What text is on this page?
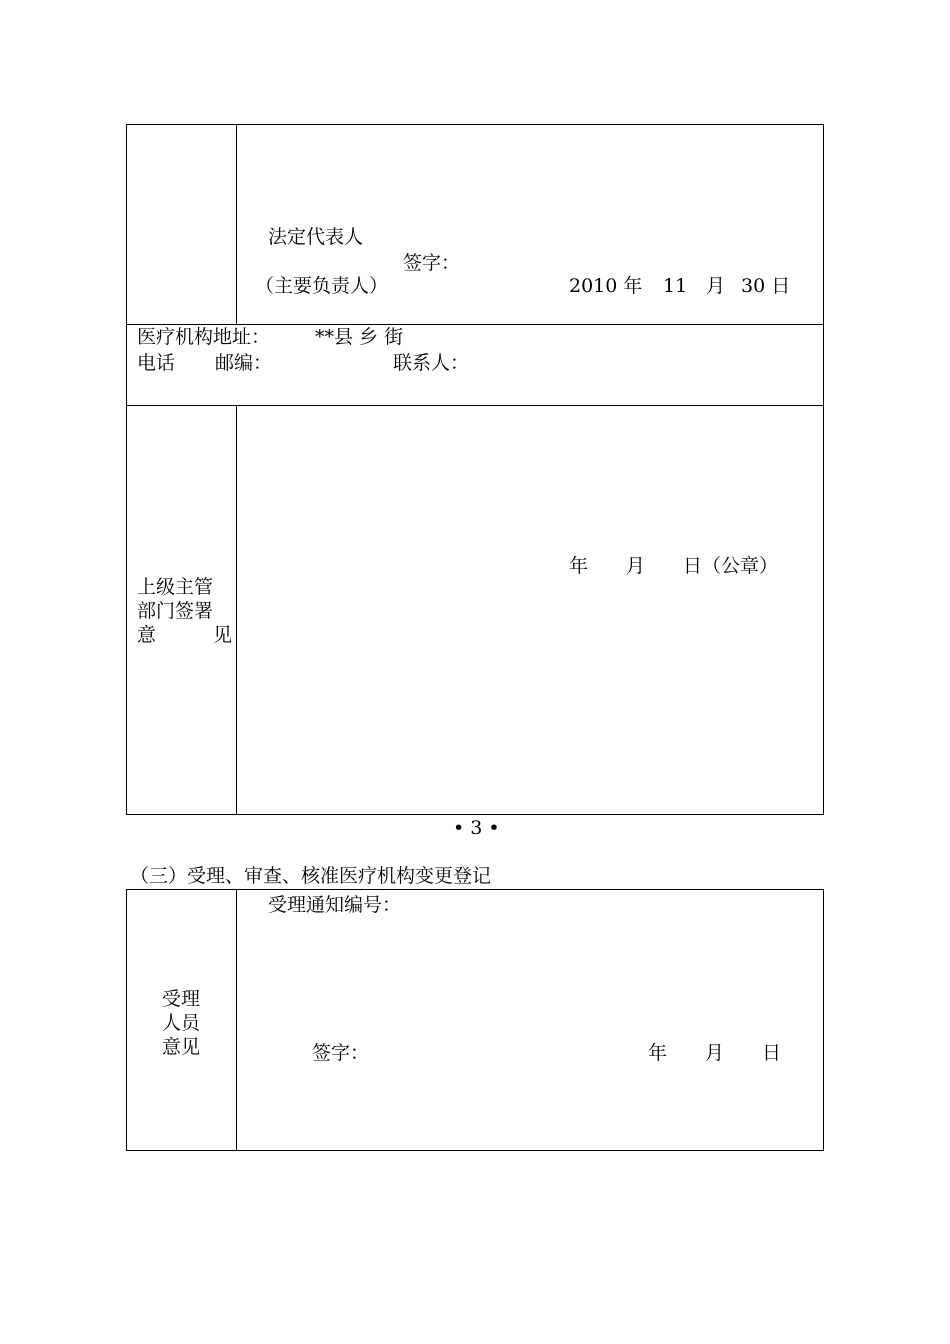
法定代表人
签字：
（主要负责人）	2010 年 11　月 30 日
医疗机构地址： **县 乡 街
电话 邮编：	联系人：
上级主管
部门签署
意　　　见
年　　月　　日（公章）
• 3 •
（三）受理、审查、核准医疗机构变更登记
受理
人员
意见
受理通知编号：
签字：	年　　月　　日
